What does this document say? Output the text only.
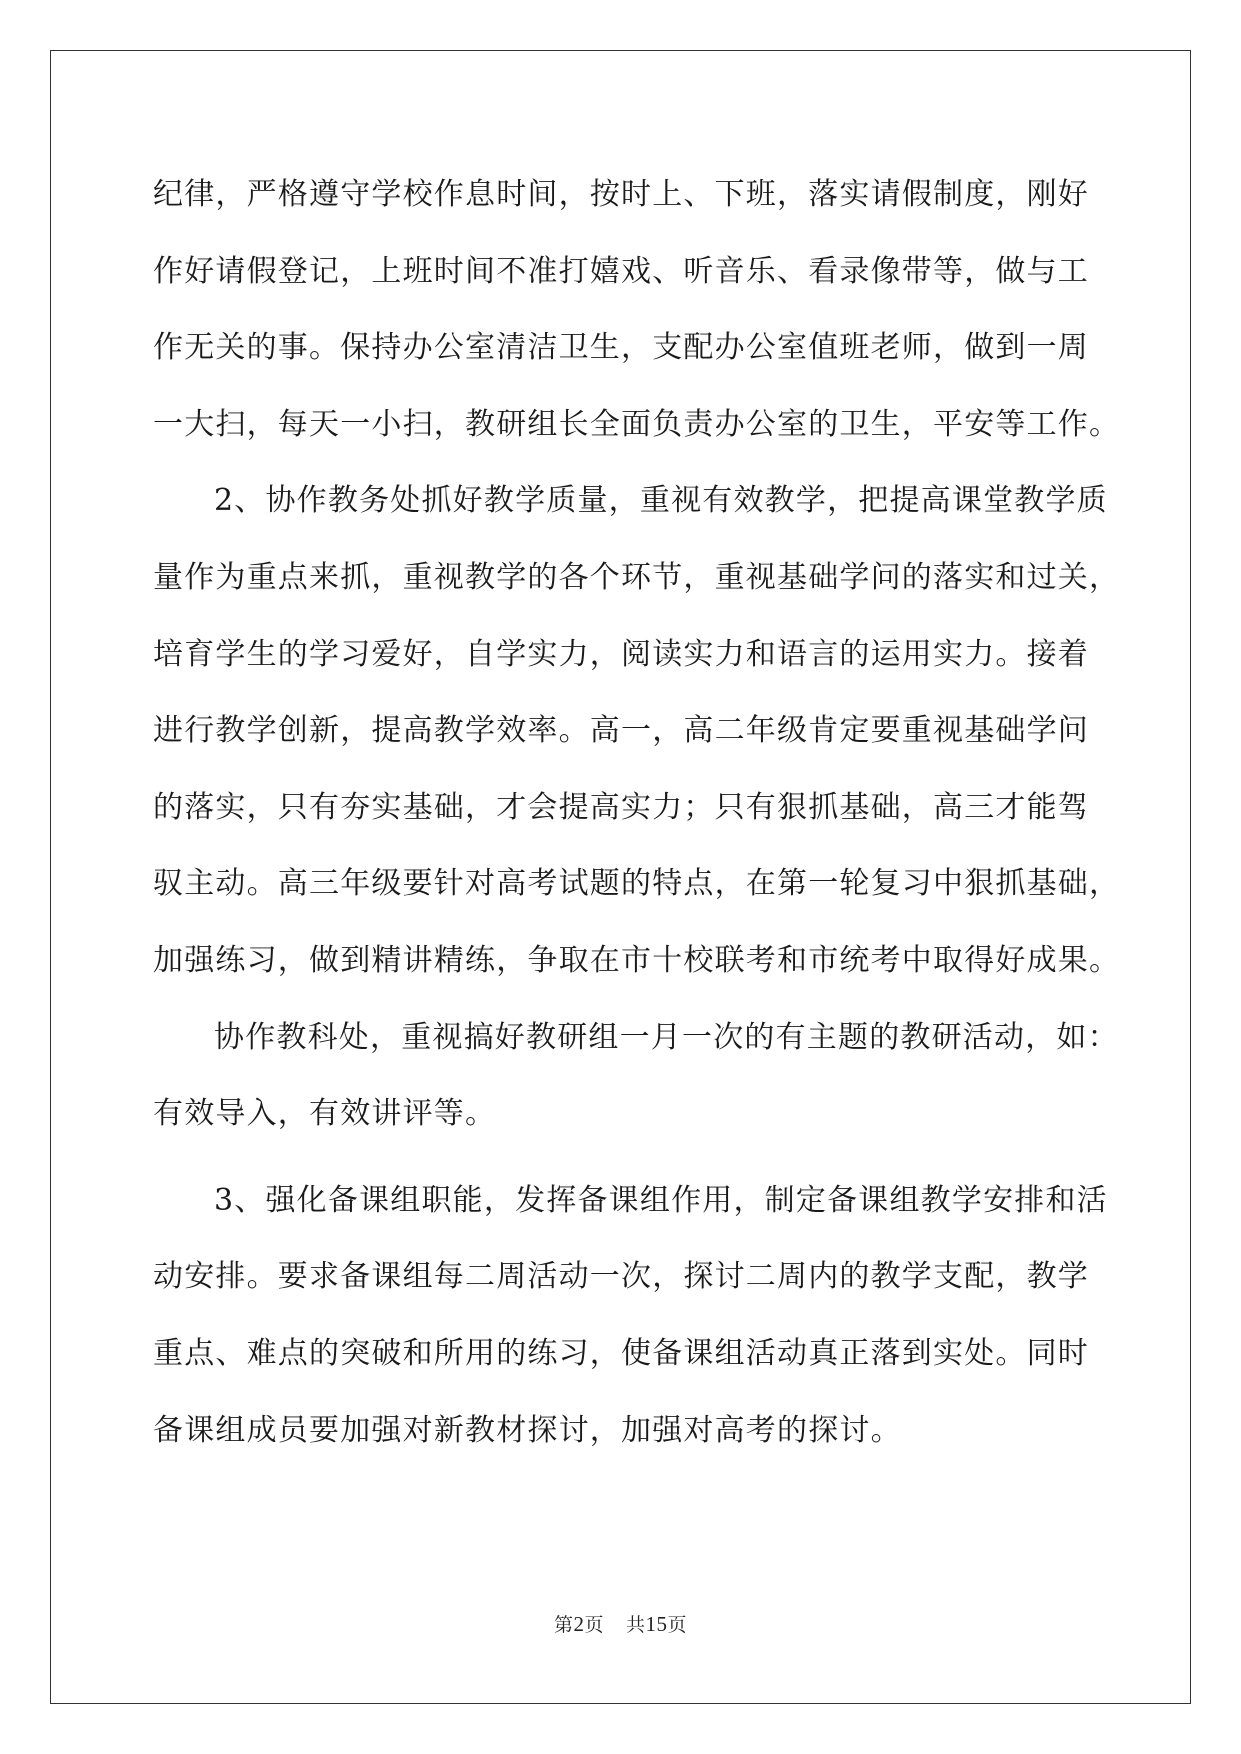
纪律，严格遵守学校作息时间，按时上、下班，落实请假制度，刚好
作好请假登记，上班时间不准打嬉戏、听音乐、看录像带等，做与工
作无关的事。保持办公室清洁卫生，支配办公室值班老师，做到一周
一大扫，每天一小扫，教研组长全面负责办公室的卫生，平安等工作。
2、协作教务处抓好教学质量，重视有效教学，把提高课堂教学质
量作为重点来抓，重视教学的各个环节，重视基础学问的落实和过关，
培育学生的学习爱好，自学实力，阅读实力和语言的运用实力。接着
进行教学创新，提高教学效率。高一，高二年级肯定要重视基础学问
的落实，只有夯实基础，才会提高实力；只有狠抓基础，高三才能驾
驭主动。高三年级要针对高考试题的特点，在第一轮复习中狠抓基础，
加强练习，做到精讲精练，争取在市十校联考和市统考中取得好成果。
协作教科处，重视搞好教研组一月一次的有主题的教研活动，如：
有效导入，有效讲评等。
3、强化备课组职能，发挥备课组作用，制定备课组教学安排和活
动安排。要求备课组每二周活动一次，探讨二周内的教学支配，教学
重点、难点的突破和所用的练习，使备课组活动真正落到实处。同时
备课组成员要加强对新教材探讨，加强对高考的探讨。
第2页 共15页
